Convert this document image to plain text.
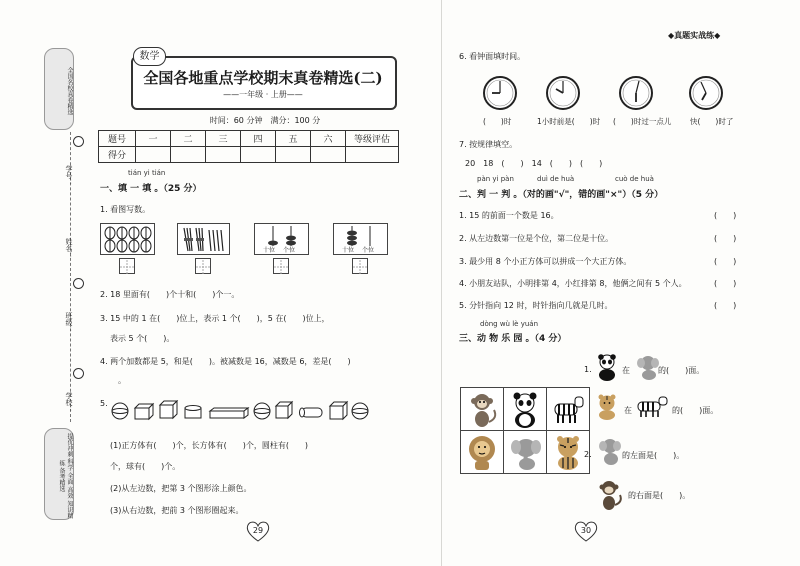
全国名校真卷精选
学号：
姓名：
班级：
学校：
提优冲刺 科学 全面 高效 知识精练 备考精选
数学
全国各地重点学校期末真卷精选(二)
——一年级 · 上册——
时间：60 分钟　满分：100 分
题号	一	二	三	四	五	六	等级评估
得分							
tián yi tián
一、填 一 填 。（25 分）
1. 看图写数。
十位 个位	十位 个位
2. 18 里面有(　　)个十和(　　)个一。
3. 15 中的 1 在(　　)位上，表示 1 个(　　)，5 在(　　)位上，
表示 5 个(　　)。
4. 两个加数都是 5，和是(　　)。被减数是 16，减数是 6，差是(　　)
。
5.
(1)正方体有(　　)个，长方体有(　　)个，圆柱有(　　)
个，球有(　　)个。
(2)从左边数，把第 3 个图形涂上颜色。
(3)从右边数，把前 3 个图形圈起来。
29
◆真题实战练◆
6. 看钟面填时间。
(　　)时	1小时前是(　　)时 (　　)时过一点儿 快(　　)时了
7. 按规律填空。
20　18　(　　)　14　(　　)　(　　)
pàn yi pàn	duì de huà	cuò de huà
二、判 一 判 。（对的画"√"，错的画"×"）（5 分）
1. 15 的前面一个数是 16。	(　　)
2. 从左边数第一位是个位，第二位是十位。	(　　)
3. 最少用 8 个小正方体可以拼成一个大正方体。	(　　)
4. 小朋友站队，小明排第 4，小红排第 8，他俩之间有 5 个人。	(　　)
5. 分针指向 12 时，时针指向几就是几时。	(　　)
dòng wù lè yuán
三、动 物 乐 园 。（4 分）
1.	在	的(　　)面。
在	的(　　)面。
2.	的左面是(　　)。
的右面是(　　)。
30
